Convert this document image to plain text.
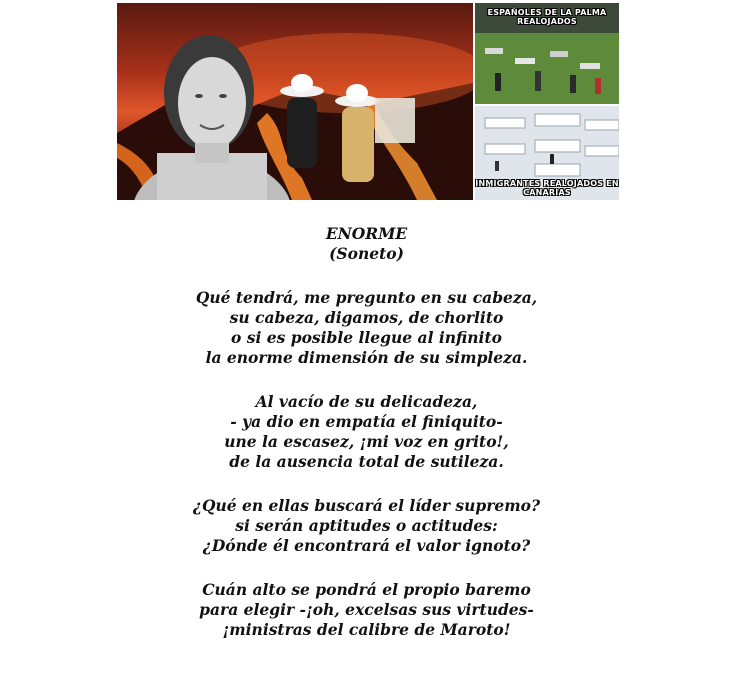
ESPAÑOLES DE LA PALMA
REALOJADOS
INMIGRANTES REALOJADOS EN
CANARIAS
ENORME
(Soneto)
Qué tendrá, me pregunto en su cabeza,
su cabeza, digamos, de chorlito
o si es posible llegue al infinito
la enorme dimensión de su simpleza.
Al vacío de su delicadeza,
- ya dio en empatía el finiquito-
une la escasez, ¡mi voz en grito!,
de la ausencia total de sutileza.
¿Qué en ellas buscará el líder supremo?
si serán aptitudes o actitudes:
¿Dónde él encontrará el valor ignoto?
Cuán alto se pondrá el propio baremo
para elegir -¡oh, excelsas sus virtudes-
¡ministras del calibre de Maroto!
